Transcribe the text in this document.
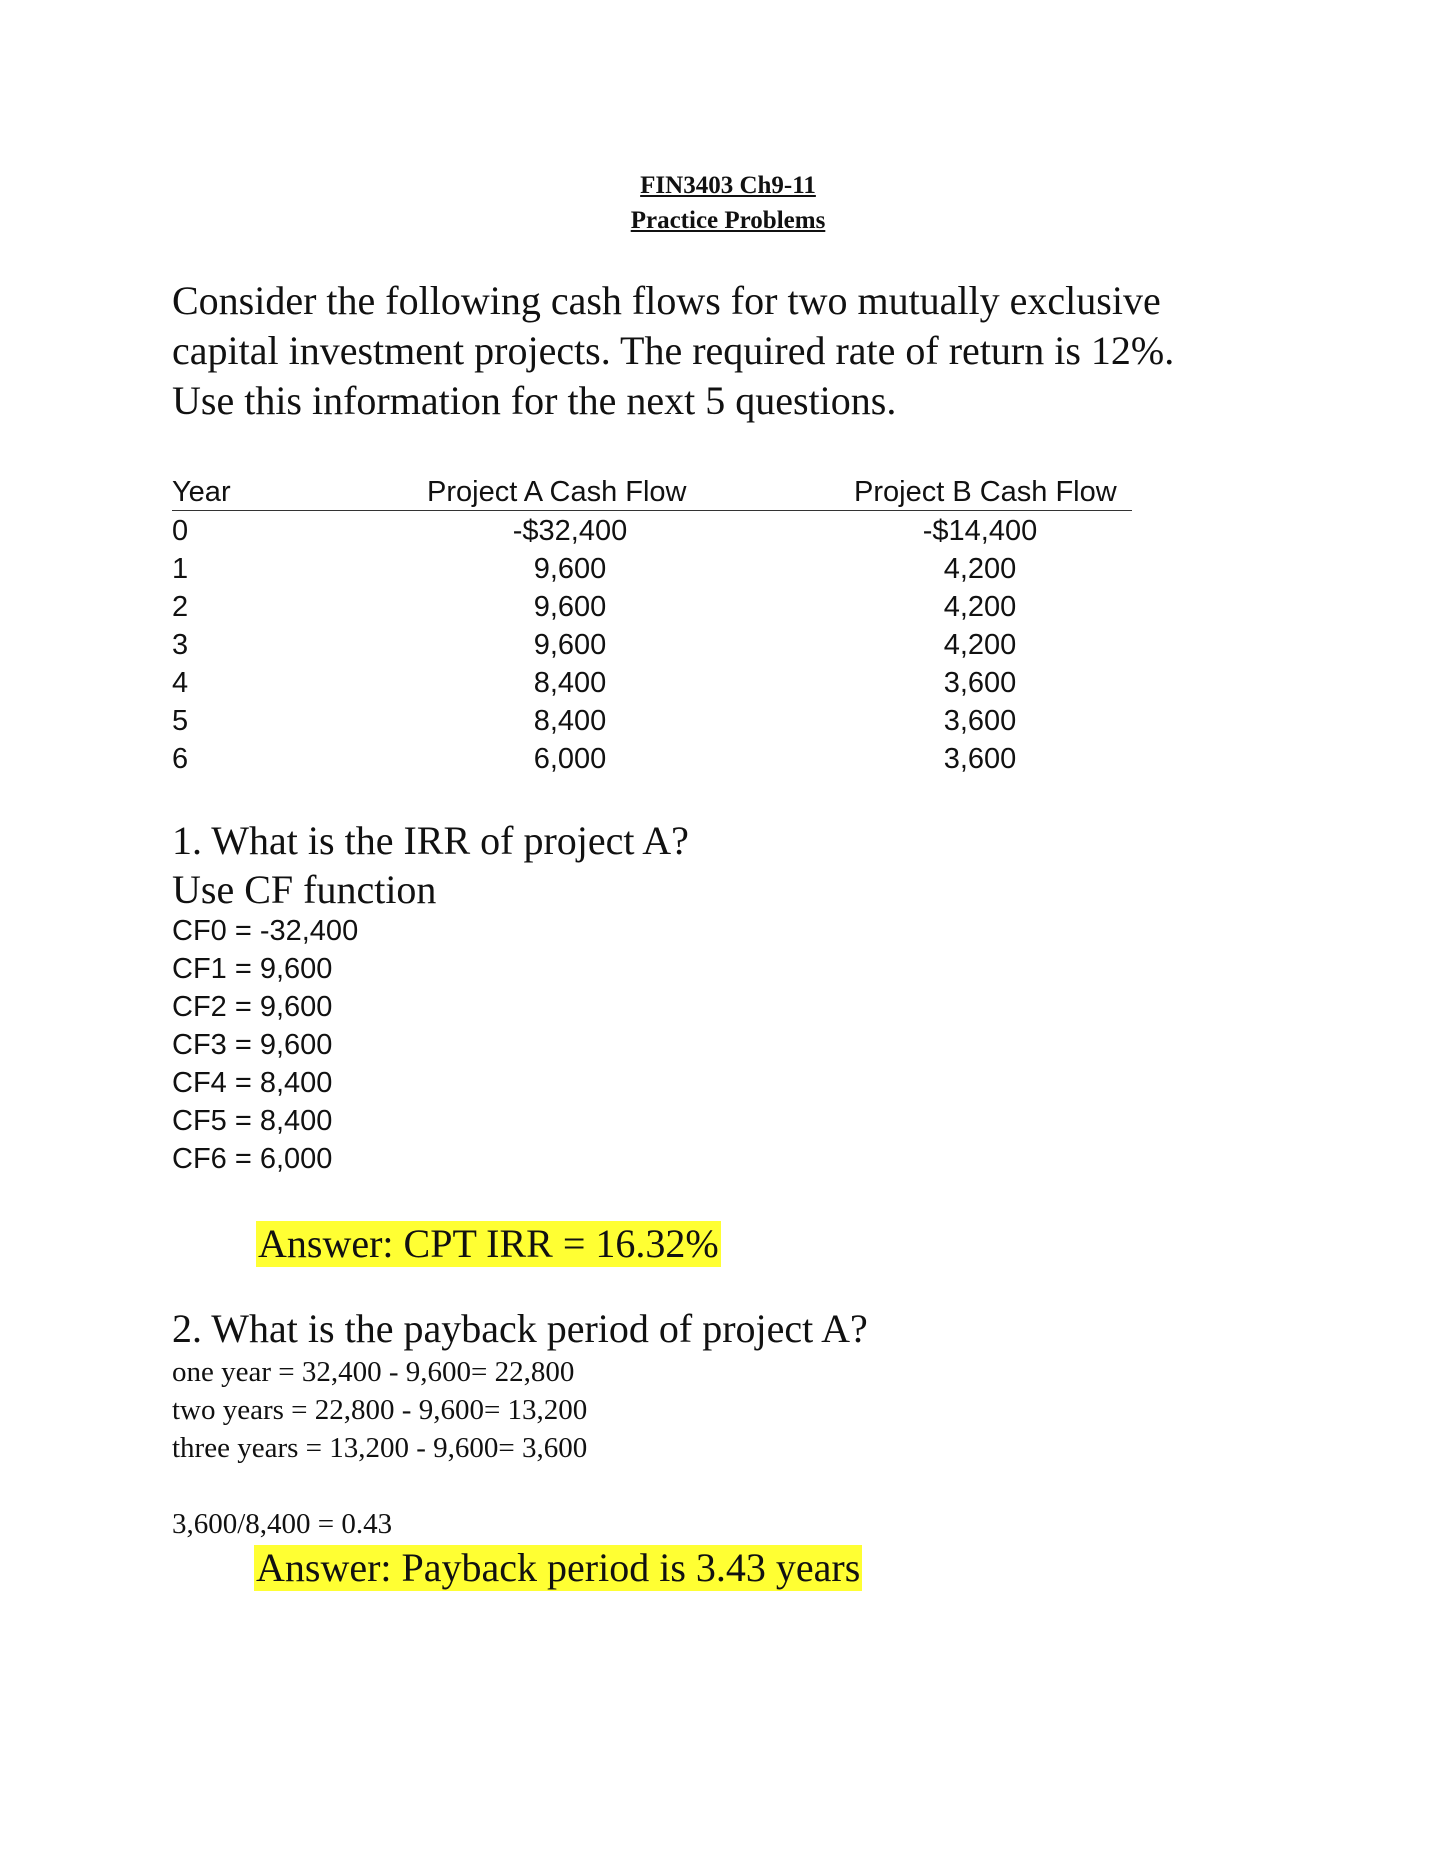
FIN3403 Ch9-11
Practice Problems
Consider the following cash flows for two mutually exclusive
capital investment projects. The required rate of return is 12%.
Use this information for the next 5 questions.
Year	Project A Cash Flow	Project B Cash Flow
0	-$32,400	-$14,400
1	9,600	4,200
2	9,600	4,200
3	9,600	4,200
4	8,400	3,600
5	8,400	3,600
6	6,000	3,600
1. What is the IRR of project A?
Use CF function
CF0 = -32,400
CF1 = 9,600
CF2 = 9,600
CF3 = 9,600
CF4 = 8,400
CF5 = 8,400
CF6 = 6,000
Answer: CPT IRR = 16.32%
2. What is the payback period of project A?
one year = 32,400 - 9,600= 22,800
two years = 22,800 - 9,600= 13,200
three years = 13,200 - 9,600= 3,600
3,600/8,400 = 0.43
Answer: Payback period is 3.43 years
